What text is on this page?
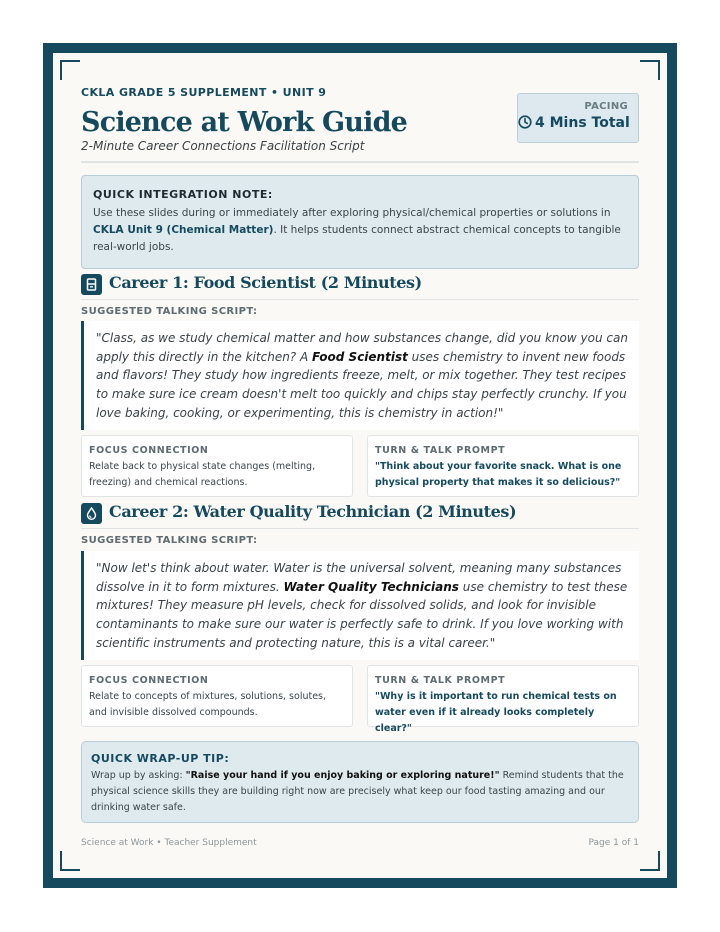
CKLA GRADE 5 SUPPLEMENT • UNIT 9
Science at Work Guide
2-Minute Career Connections Facilitation Script
PACING
4 Mins Total
QUICK INTEGRATION NOTE:
Use these slides during or immediately after exploring physical/chemical properties or solutions in CKLA Unit 9 (Chemical Matter). It helps students connect abstract chemical concepts to tangible real-world jobs.
Career 1: Food Scientist (2 Minutes)
SUGGESTED TALKING SCRIPT:
"Class, as we study chemical matter and how substances change, did you know you can apply this directly in the kitchen? A Food Scientist uses chemistry to invent new foods and flavors! They study how ingredients freeze, melt, or mix together. They test recipes to make sure ice cream doesn't melt too quickly and chips stay perfectly crunchy. If you love baking, cooking, or experimenting, this is chemistry in action!"
FOCUS CONNECTION
Relate back to physical state changes (melting, freezing) and chemical reactions.
TURN & TALK PROMPT
"Think about your favorite snack. What is one physical property that makes it so delicious?"
Career 2: Water Quality Technician (2 Minutes)
SUGGESTED TALKING SCRIPT:
"Now let's think about water. Water is the universal solvent, meaning many substances dissolve in it to form mixtures. Water Quality Technicians use chemistry to test these mixtures! They measure pH levels, check for dissolved solids, and look for invisible contaminants to make sure our water is perfectly safe to drink. If you love working with scientific instruments and protecting nature, this is a vital career."
FOCUS CONNECTION
Relate to concepts of mixtures, solutions, solutes, and invisible dissolved compounds.
TURN & TALK PROMPT
"Why is it important to run chemical tests on water even if it already looks completely clear?"
QUICK WRAP-UP TIP:
Wrap up by asking: "Raise your hand if you enjoy baking or exploring nature!" Remind students that the physical science skills they are building right now are precisely what keep our food tasting amazing and our drinking water safe.
Science at Work • Teacher Supplement	Page 1 of 1
